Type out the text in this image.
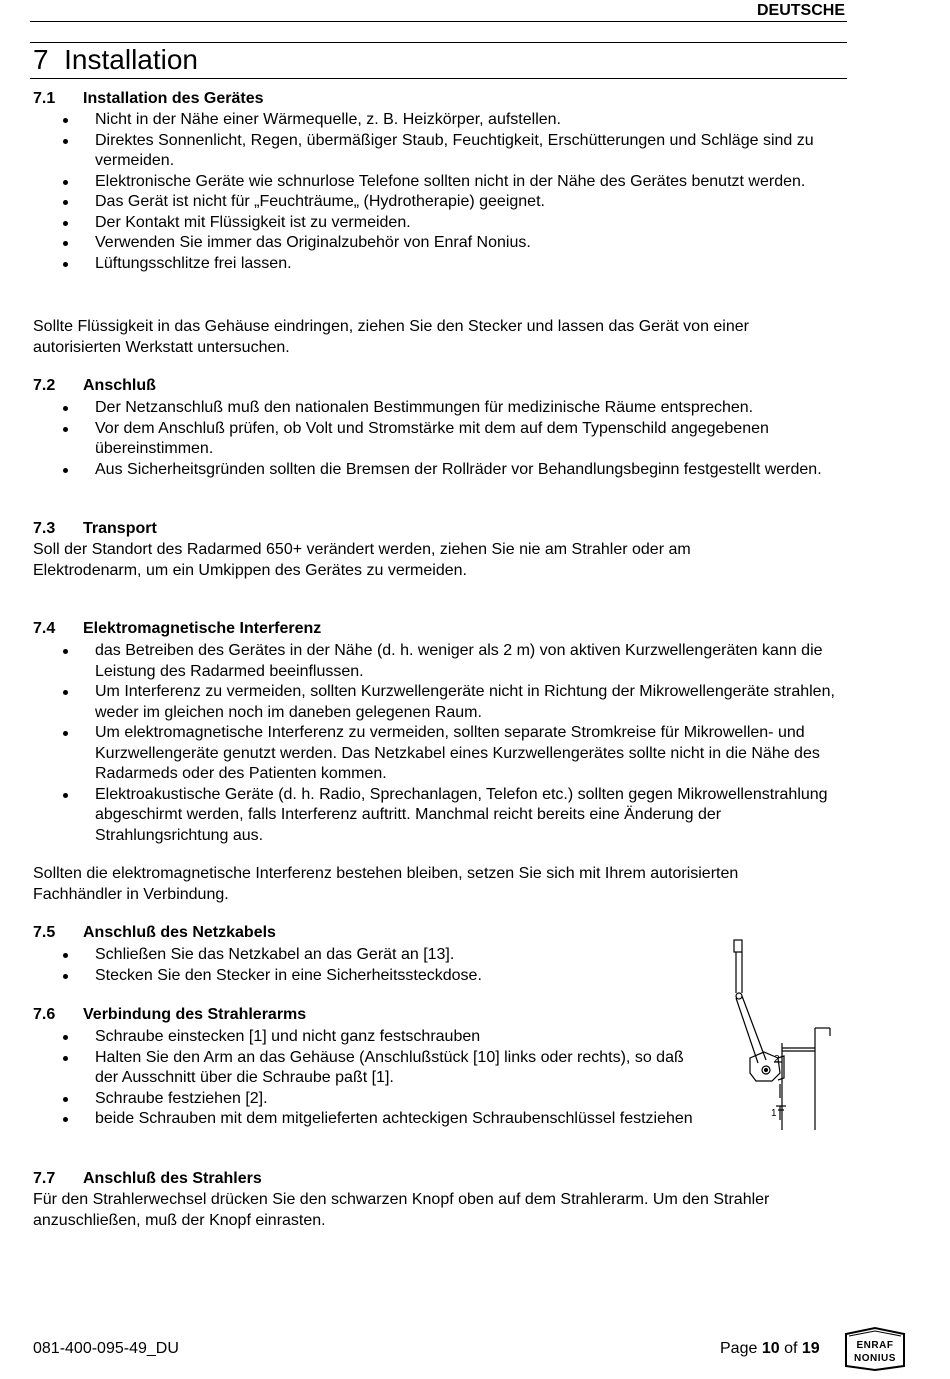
DEUTSCHE
7 Installation
7.1 Installation des Gerätes
Nicht in der Nähe einer Wärmequelle, z. B. Heizkörper, aufstellen.
Direktes Sonnenlicht, Regen, übermäßiger Staub, Feuchtigkeit, Erschütterungen und Schläge sind zu vermeiden.
Elektronische Geräte wie schnurlose Telefone sollten nicht in der Nähe des Gerätes benutzt werden.
Das Gerät ist nicht für „Feuchträume„ (Hydrotherapie) geeignet.
Der Kontakt mit Flüssigkeit ist zu vermeiden.
Verwenden Sie immer das Originalzubehör von Enraf Nonius.
Lüftungsschlitze frei lassen.
Sollte Flüssigkeit in das Gehäuse eindringen, ziehen Sie den Stecker und lassen das Gerät von einer autorisierten Werkstatt untersuchen.
7.2 Anschluß
Der Netzanschluß muß den nationalen Bestimmungen für medizinische Räume entsprechen.
Vor dem Anschluß prüfen, ob Volt und Stromstärke mit dem auf dem Typenschild angegebenen übereinstimmen.
Aus Sicherheitsgründen sollten die Bremsen der Rollräder vor Behandlungsbeginn festgestellt werden.
7.3 Transport
Soll der Standort des Radarmed 650+ verändert werden, ziehen Sie nie am Strahler oder am Elektrodenarm, um ein Umkippen des Gerätes zu vermeiden.
7.4 Elektromagnetische Interferenz
das Betreiben des Gerätes in der Nähe (d. h. weniger als 2 m) von aktiven Kurzwellengeräten kann die Leistung des Radarmed beeinflussen.
Um Interferenz zu vermeiden, sollten Kurzwellengeräte nicht in Richtung der Mikrowellengeräte strahlen, weder im gleichen noch im daneben gelegenen Raum.
Um elektromagnetische Interferenz zu vermeiden, sollten separate Stromkreise für Mikrowellen- und Kurzwellengeräte genutzt werden. Das Netzkabel eines Kurzwellengerätes sollte nicht in die Nähe des Radarmeds oder des Patienten kommen.
Elektroakustische Geräte (d. h. Radio, Sprechanlagen, Telefon etc.) sollten gegen Mikrowellenstrahlung abgeschirmt werden, falls Interferenz auftritt. Manchmal reicht bereits eine Änderung der Strahlungsrichtung aus.
Sollten die elektromagnetische Interferenz bestehen bleiben, setzen Sie sich mit Ihrem autorisierten Fachhändler in Verbindung.
7.5 Anschluß des Netzkabels
Schließen Sie das Netzkabel an das Gerät an [13].
Stecken Sie den Stecker in eine Sicherheitssteckdose.
7.6 Verbindung des Strahlerarms
Schraube einstecken [1] und nicht ganz festschrauben
Halten Sie den Arm an das Gehäuse (Anschlußstück [10] links oder rechts), so daß der Ausschnitt über die Schraube paßt [1].
Schraube festziehen [2].
beide Schrauben mit dem mitgelieferten achteckigen Schraubenschlüssel festziehen
2
1
7.7 Anschluß des Strahlers
Für den Strahlerwechsel drücken Sie den schwarzen Knopf oben auf dem Strahlerarm. Um den Strahler anzuschließen, muß der Knopf einrasten.
081-400-095-49_DU	Page 10 of 19	ENRAF
NONIUS
